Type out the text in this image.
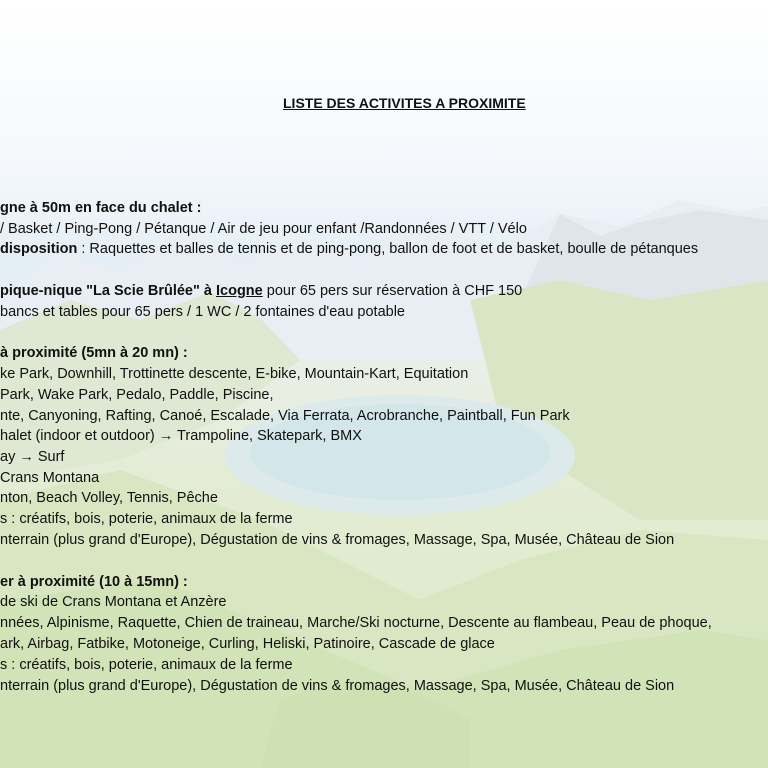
LISTE DES ACTIVITES A PROXIMITE
gne à 50m en face du chalet :
/ Basket / Ping-Pong / Pétanque / Air de jeu pour enfant /Randonnées / VTT / Vélo
disposition : Raquettes et balles de tennis et de ping-pong, ballon de foot et de basket, boulle de pétanques
pique-nique "La Scie Brûlée" à Icogne pour 65 pers sur réservation à CHF 150
bancs et tables pour 65 pers / 1 WC / 2 fontaines d'eau potable
à proximité (5mn à 20 mn) :
ke Park, Downhill, Trottinette descente, E-bike, Mountain-Kart, Equitation
Park, Wake Park, Pedalo, Paddle, Piscine,
nte, Canyoning, Rafting, Canoé, Escalade, Via Ferrata, Acrobranche, Paintball, Fun Park
halet (indoor et outdoor) → Trampoline, Skatepark, BMX
ay → Surf
Crans Montana
nton, Beach Volley, Tennis, Pêche
s : créatifs, bois, poterie, animaux de la ferme
nterrain (plus grand d'Europe), Dégustation de vins & fromages, Massage, Spa, Musée, Château de Sion
er à proximité (10 à 15mn) :
de ski de Crans Montana et Anzère
nnées, Alpinisme, Raquette, Chien de traineau, Marche/Ski nocturne, Descente au flambeau, Peau de phoque,
ark, Airbag, Fatbike, Motoneige, Curling, Heliski, Patinoire, Cascade de glace
s : créatifs, bois, poterie, animaux de la ferme
nterrain (plus grand d'Europe), Dégustation de vins & fromages, Massage, Spa, Musée, Château de Sion
